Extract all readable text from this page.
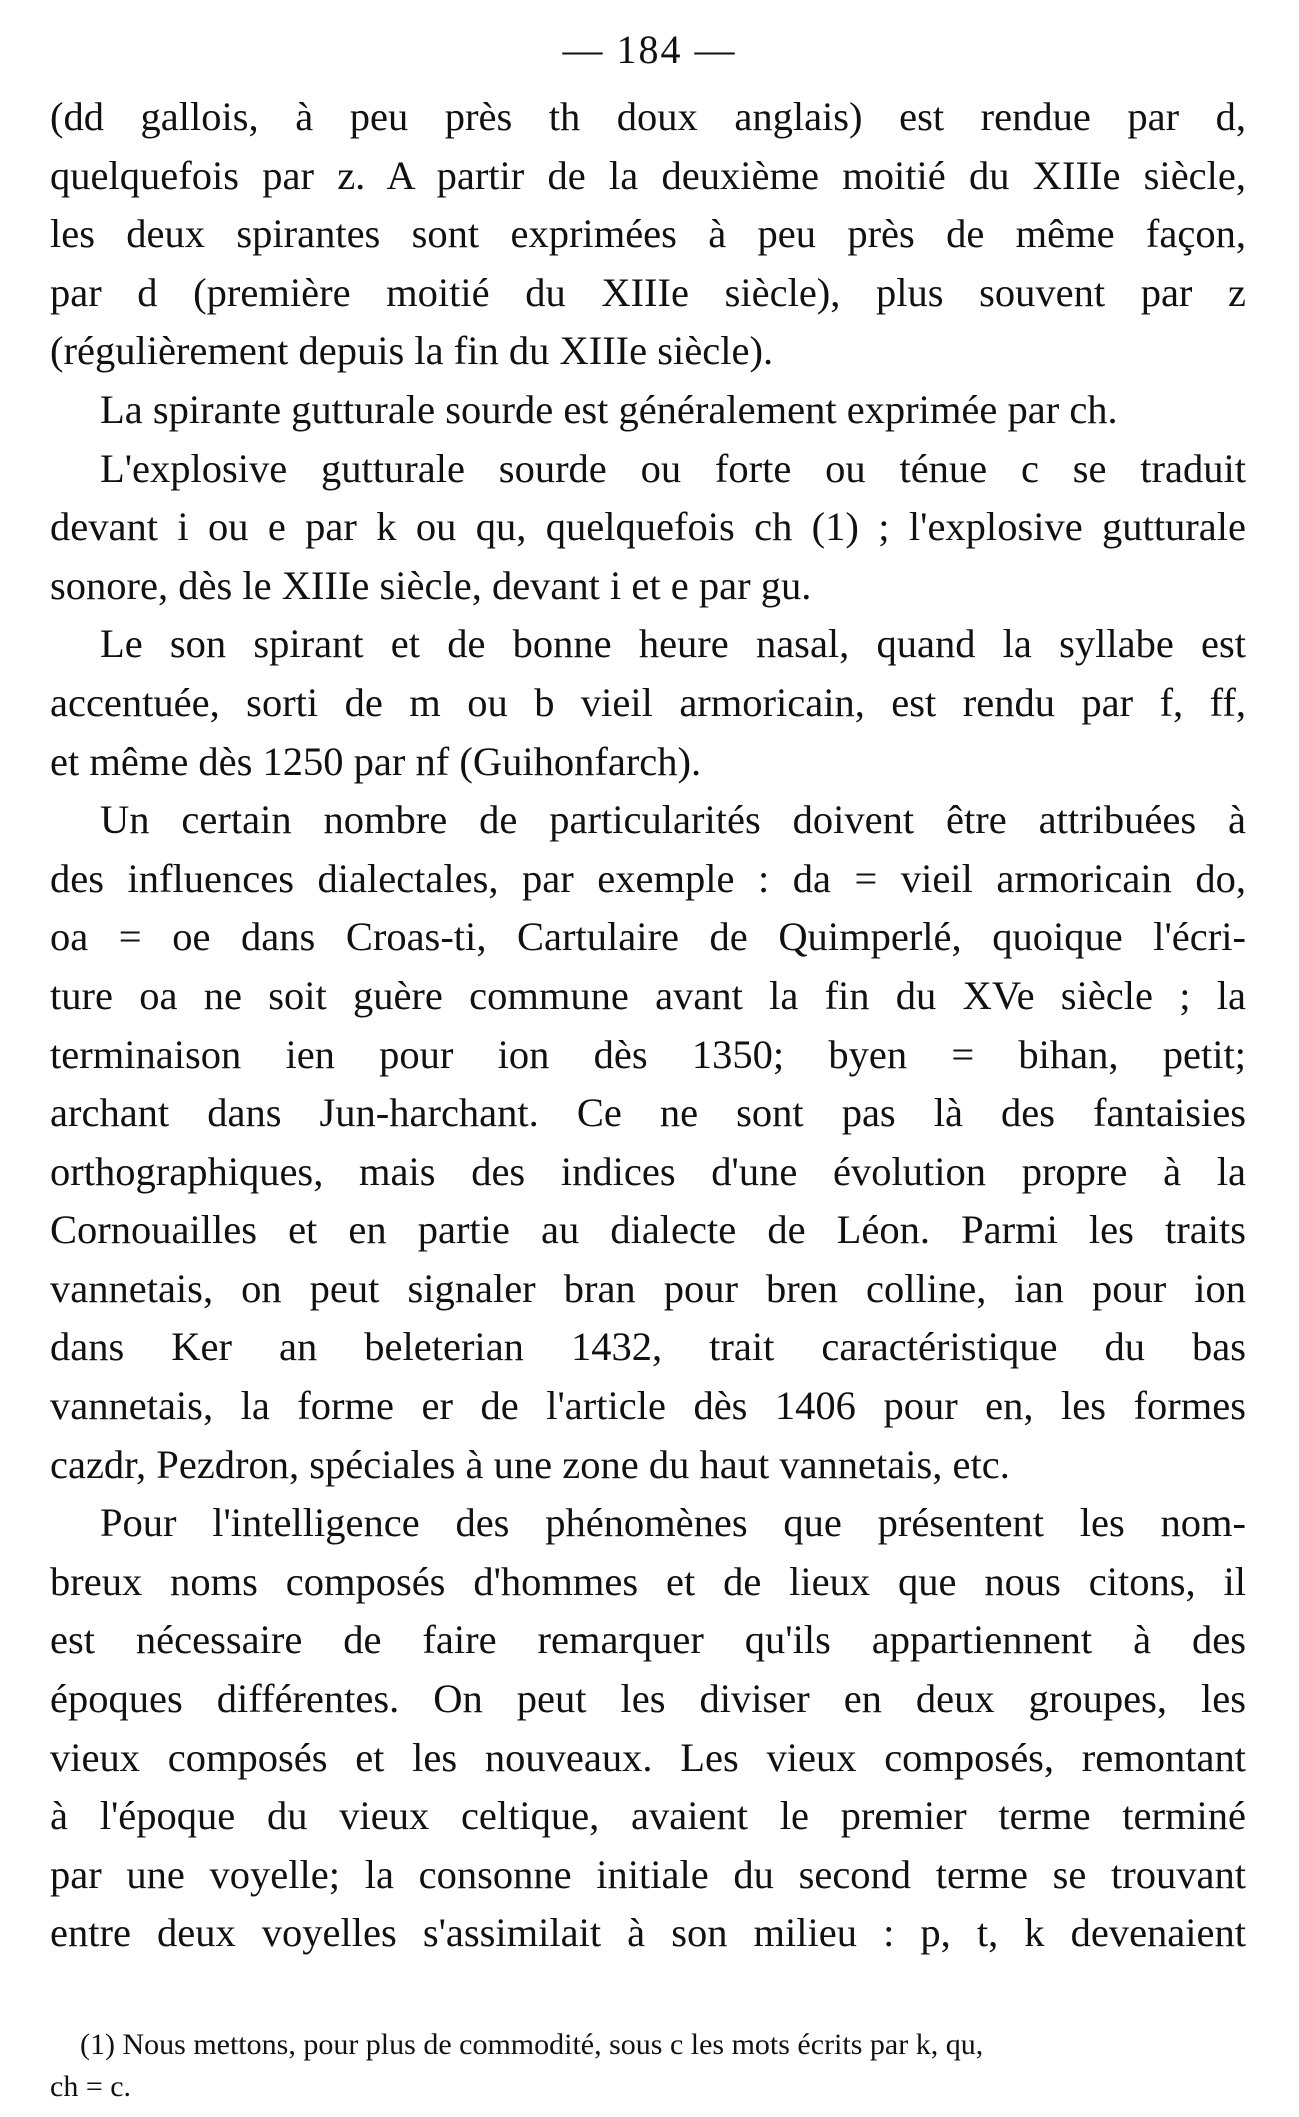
— 184 —
(dd gallois, à peu près th doux anglais) est rendue par d,
quelquefois par z. A partir de la deuxième moitié du XIIIe siècle,
les deux spirantes sont exprimées à peu près de même façon,
par d (première moitié du XIIIe siècle), plus souvent par z
(régulièrement depuis la fin du XIIIe siècle).
La spirante gutturale sourde est généralement exprimée par ch.
L'explosive gutturale sourde ou forte ou ténue c se traduit
devant i ou e par k ou qu, quelquefois ch (1) ; l'explosive gutturale
sonore, dès le XIIIe siècle, devant i et e par gu.
Le son spirant et de bonne heure nasal, quand la syllabe est
accentuée, sorti de m ou b vieil armoricain, est rendu par f, ff,
et même dès 1250 par nf (Guihonfarch).
Un certain nombre de particularités doivent être attribuées à
des influences dialectales, par exemple : da = vieil armoricain do,
oa = oe dans Croas-ti, Cartulaire de Quimperlé, quoique l'écri-
ture oa ne soit guère commune avant la fin du XVe siècle ; la
terminaison ien pour ion dès 1350; byen = bihan, petit;
archant dans Jun-harchant. Ce ne sont pas là des fantaisies
orthographiques, mais des indices d'une évolution propre à la
Cornouailles et en partie au dialecte de Léon. Parmi les traits
vannetais, on peut signaler bran pour bren colline, ian pour ion
dans Ker an beleterian 1432, trait caractéristique du bas
vannetais, la forme er de l'article dès 1406 pour en, les formes
cazdr, Pezdron, spéciales à une zone du haut vannetais, etc.
Pour l'intelligence des phénomènes que présentent les nom-
breux noms composés d'hommes et de lieux que nous citons, il
est nécessaire de faire remarquer qu'ils appartiennent à des
époques différentes. On peut les diviser en deux groupes, les
vieux composés et les nouveaux. Les vieux composés, remontant
à l'époque du vieux celtique, avaient le premier terme terminé
par une voyelle; la consonne initiale du second terme se trouvant
entre deux voyelles s'assimilait à son milieu : p, t, k devenaient
(1) Nous mettons, pour plus de commodité, sous c les mots écrits par k, qu,
ch = c.
